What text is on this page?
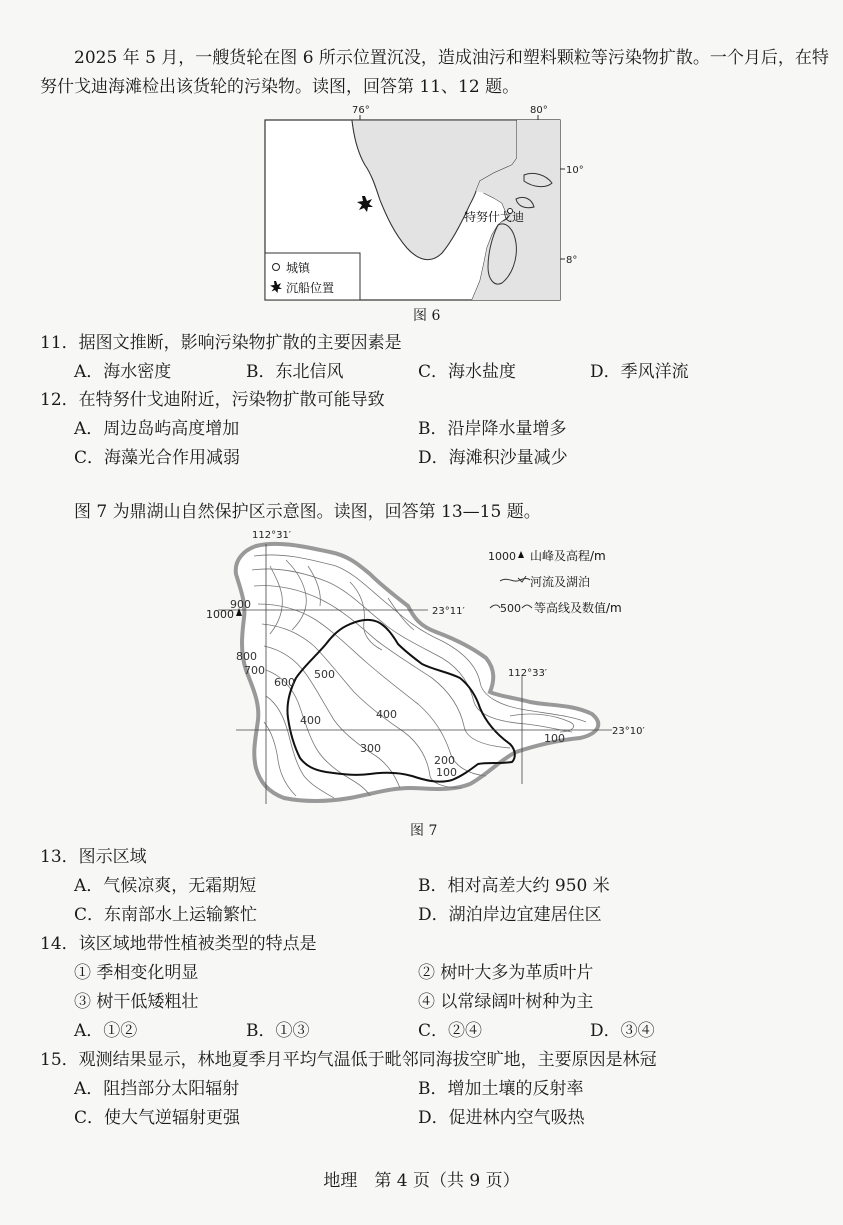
2025 年 5 月，一艘货轮在图 6 所示位置沉没，造成油污和塑料颗粒等污染物扩散。一个月后，在特努什戈迪海滩检出该货轮的污染物。读图，回答第 11、12 题。
76°	80°
10°
8°
特努什戈迪
城镇
沉船位置
图 6
11．据图文推断，影响污染物扩散的主要因素是
A．海水密度	B．东北信风	C．海水盐度	D．季风洋流
12．在特努什戈迪附近，污染物扩散可能导致
A．周边岛屿高度增加	B．沿岸降水量增多
C．海藻光合作用减弱	D．海滩积沙量减少
图 7 为鼎湖山自然保护区示意图。读图，回答第 13—15 题。
112°31′
23°11′
112°33′
23°10′
1000
900
800
700
600
500
400	400
300
200
100
100
1000 山峰及高程/m
河流及湖泊
500 等高线及数值/m
图 7
13．图示区域
A．气候凉爽，无霜期短	B．相对高差大约 950 米
C．东南部水上运输繁忙	D．湖泊岸边宜建居住区
14．该区域地带性植被类型的特点是
① 季相变化明显	② 树叶大多为革质叶片
③ 树干低矮粗壮	④ 以常绿阔叶树种为主
A．①②	B．①③	C．②④	D．③④
15．观测结果显示，林地夏季月平均气温低于毗邻同海拔空旷地，主要原因是林冠
A．阻挡部分太阳辐射	B．增加土壤的反射率
C．使大气逆辐射更强	D．促进林内空气吸热
地理　第 4 页（共 9 页）
